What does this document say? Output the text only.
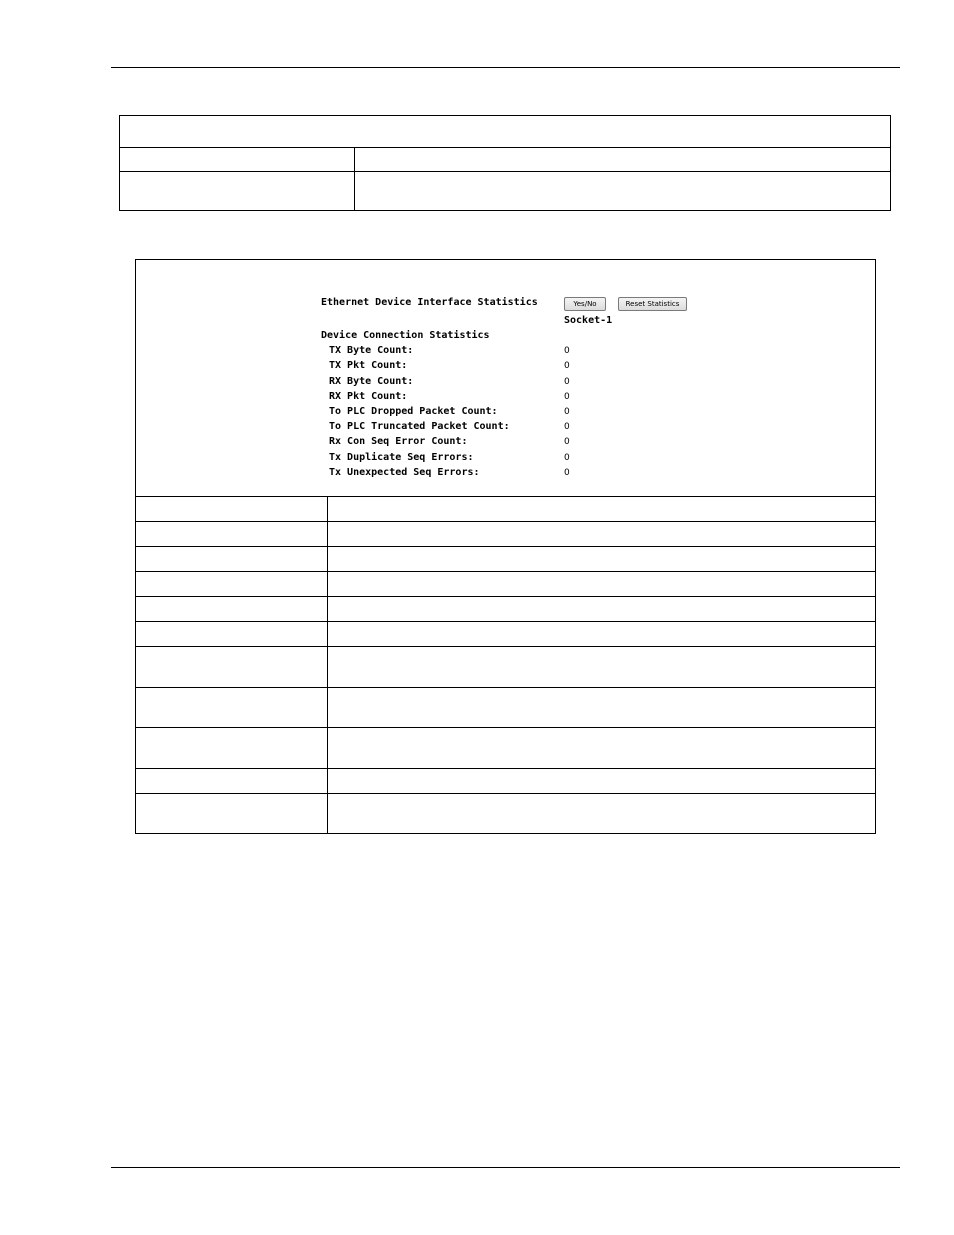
Ethernet Device Interface Statistics	Yes/No	Reset Statistics
Socket-1
Device Connection Statistics
TX Byte Count:	0
TX Pkt Count:	0
RX Byte Count:	0
RX Pkt Count:	0
To PLC Dropped Packet Count:	0
To PLC Truncated Packet Count:	0
Rx Con Seq Error Count:	0
Tx Duplicate Seq Errors:	0
Tx Unexpected Seq Errors:	0
